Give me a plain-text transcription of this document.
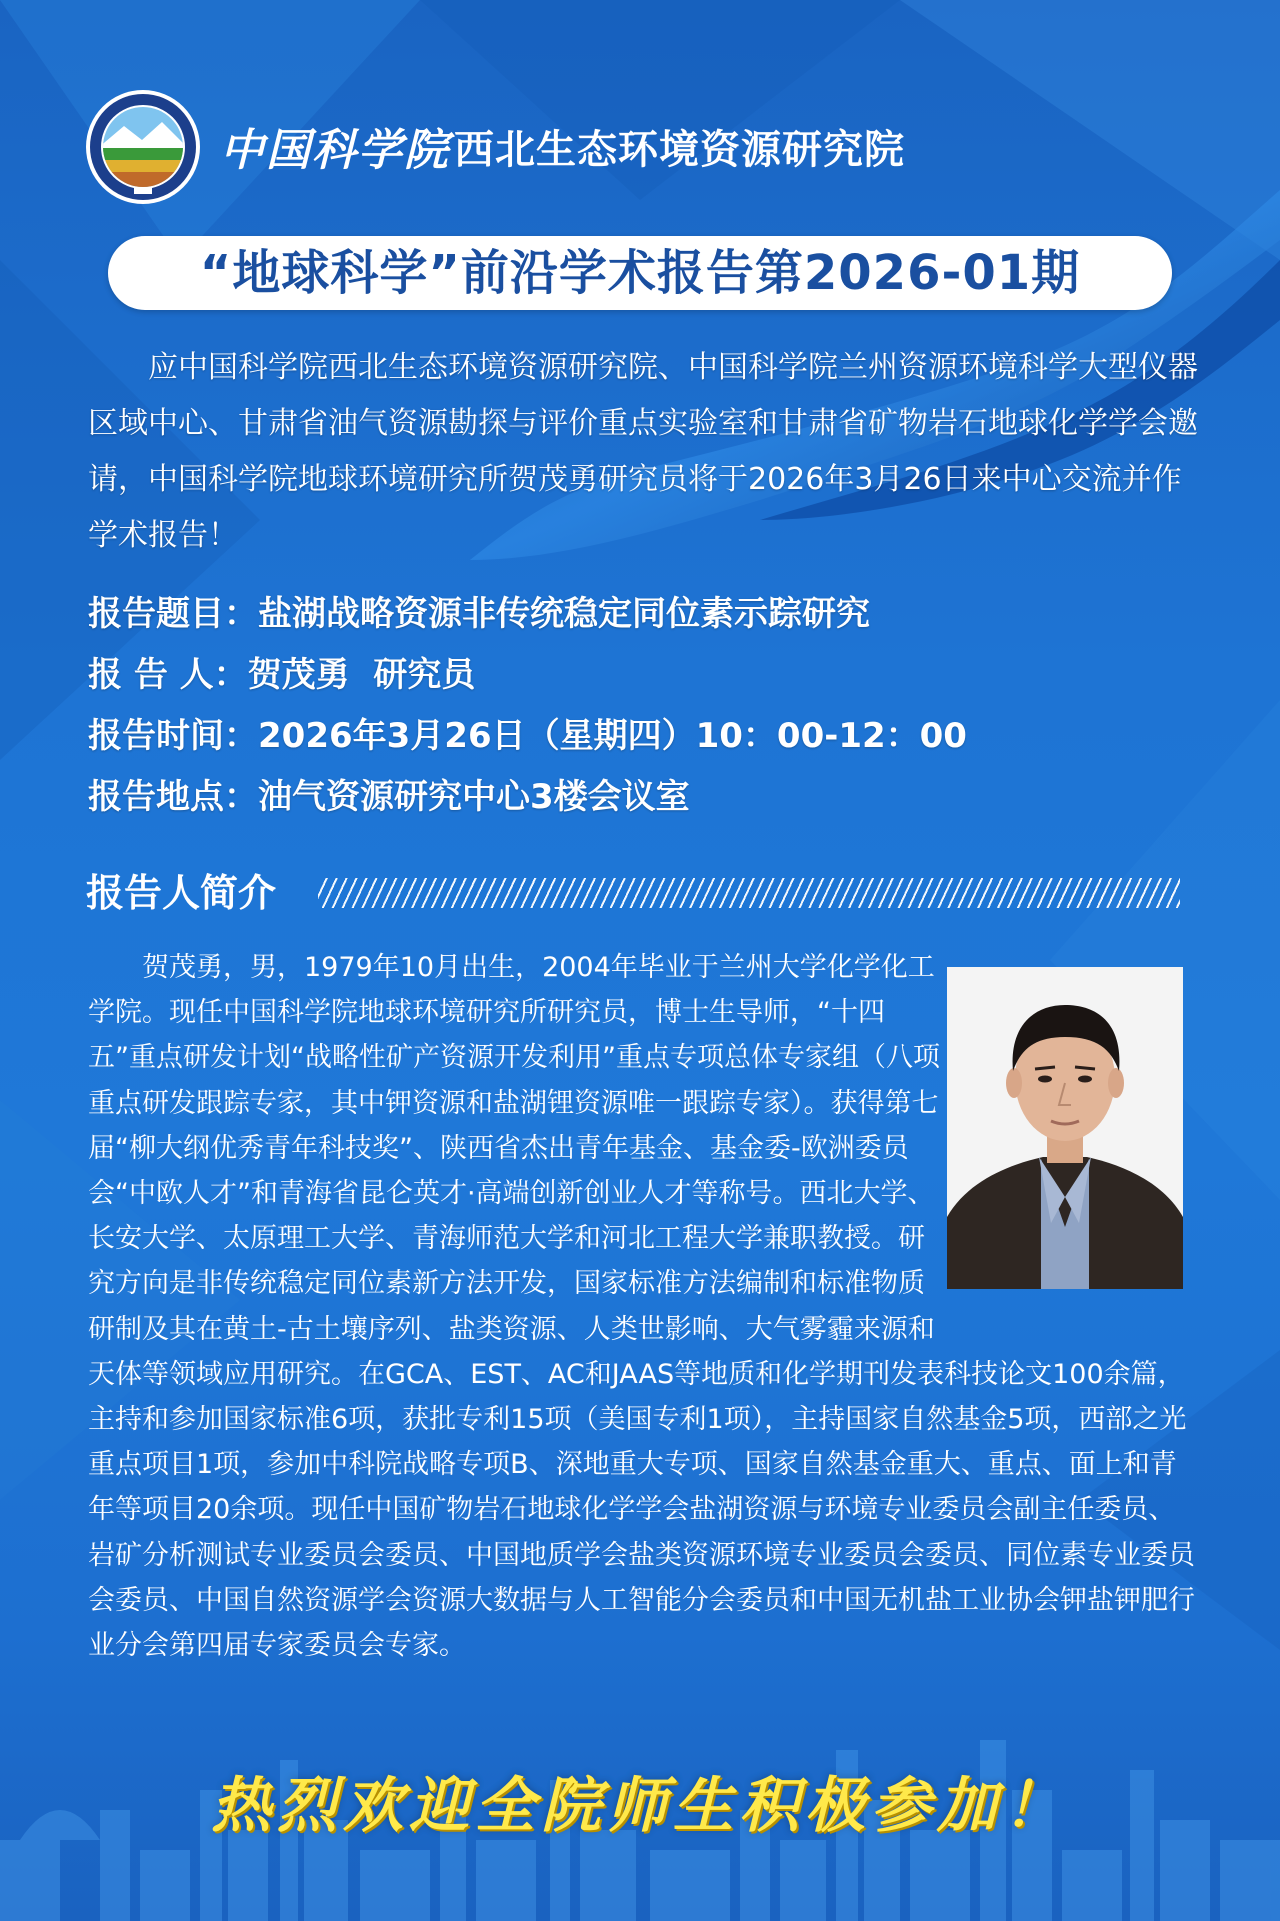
中国科学院 西北生态环境资源研究院
“地球科学”前沿学术报告第2026-01期
应中国科学院西北生态环境资源研究院、中国科学院兰州资源环境科学大型仪器区域中心、甘肃省油气资源勘探与评价重点实验室和甘肃省矿物岩石地球化学学会邀请，中国科学院地球环境研究所贺茂勇研究员将于2026年3月26日来中心交流并作学术报告！
报告题目：盐湖战略资源非传统稳定同位素示踪研究
报 告 人：贺茂勇  研究员
报告时间：2026年3月26日（星期四）10：00-12：00
报告地点：油气资源研究中心3楼会议室
报告人简介

贺茂勇，男，1979年10月出生，2004年毕业于兰州大学化学化工学院。现任中国科学院地球环境研究所研究员，博士生导师，“十四五”重点研发计划“战略性矿产资源开发利用”重点专项总体专家组（八项重点研发跟踪专家，其中钾资源和盐湖锂资源唯一跟踪专家）。获得第七届“柳大纲优秀青年科技奖”、陕西省杰出青年基金、基金委-欧洲委员会“中欧人才”和青海省昆仑英才·高端创新创业人才等称号。西北大学、长安大学、太原理工大学、青海师范大学和河北工程大学兼职教授。研究方向是非传统稳定同位素新方法开发，国家标准方法编制和标准物质研制及其在黄土-古土壤序列、盐类资源、人类世影响、大气雾霾来源和天体等领域应用研究。在GCA、EST、AC和JAAS等地质和化学期刊发表科技论文100余篇，主持和参加国家标准6项，获批专利15项（美国专利1项），主持国家自然基金5项，西部之光重点项目1项，参加中科院战略专项B、深地重大专项、国家自然基金重大、重点、面上和青年等项目20余项。现任中国矿物岩石地球化学学会盐湖资源与环境专业委员会副主任委员、岩矿分析测试专业委员会委员、中国地质学会盐类资源环境专业委员会委员、同位素专业委员会委员、中国自然资源学会资源大数据与人工智能分会委员和中国无机盐工业协会钾盐钾肥行业分会第四届专家委员会专家。

热烈欢迎全院师生积极参加！
